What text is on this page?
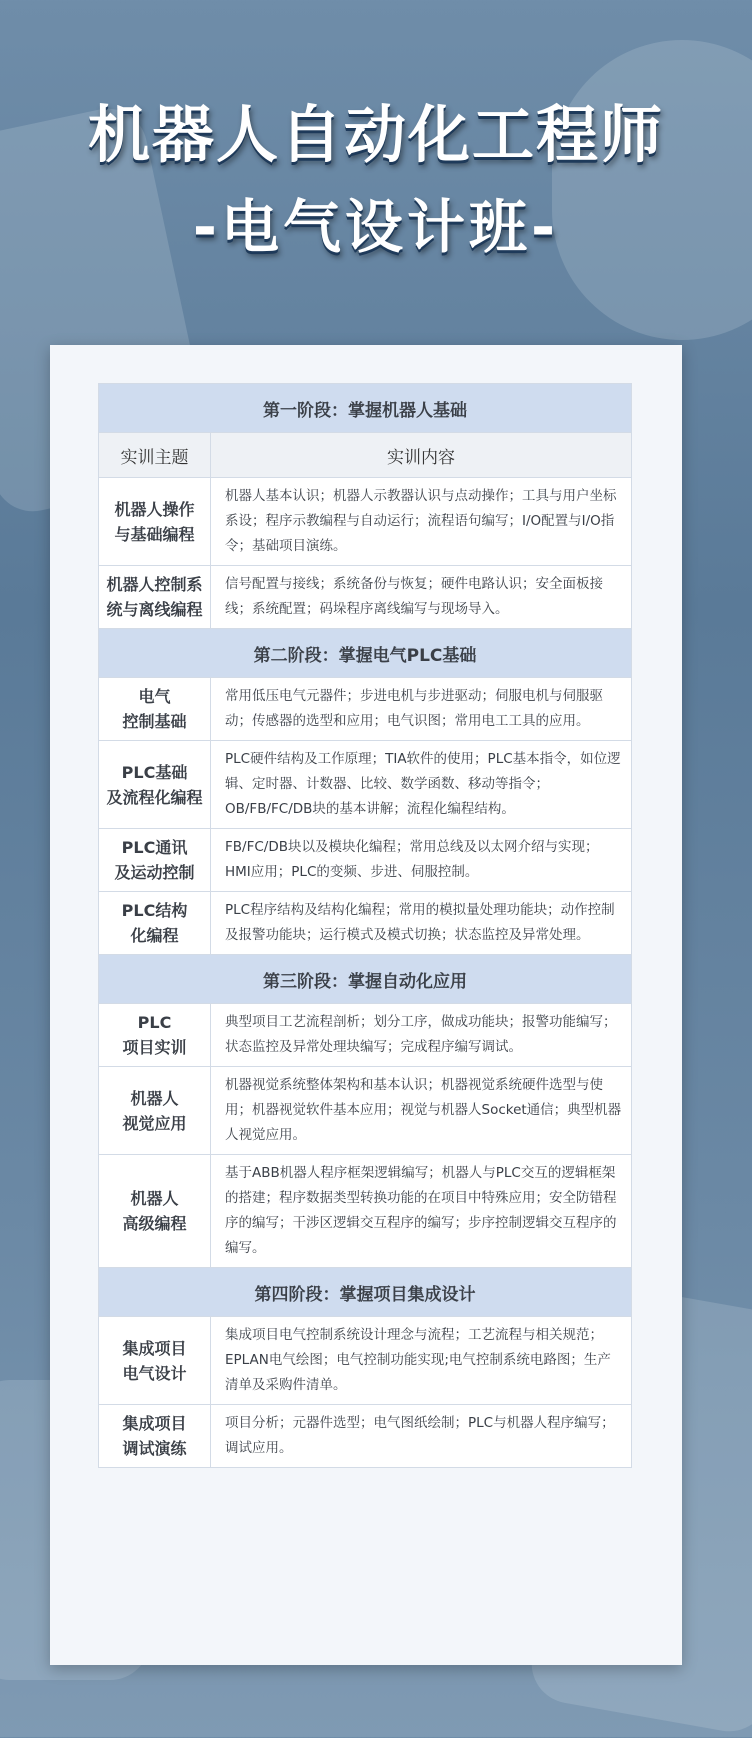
机器人自动化工程师
-电气设计班-
第一阶段：掌握机器人基础	
实训主题	实训内容

机器人操作
与基础编程	机器人基本认识；机器人示教器认识与点动操作；工具与用户坐标系设；程序示教编程与自动运行；流程语句编写；I/O配置与I/O指令；基础项目演练。

机器人控制系
统与离线编程	信号配置与接线；系统备份与恢复；硬件电路认识；安全面板接线；系统配置；码垛程序离线编写与现场导入。
第二阶段：掌握电气PLC基础	

电气
控制基础	常用低压电气元器件；步进电机与步进驱动；伺服电机与伺服驱动；传感器的选型和应用；电气识图；常用电工工具的应用。

PLC基础
及流程化编程	PLC硬件结构及工作原理；TIA软件的使用；PLC基本指令，如位逻辑、定时器、计数器、比较、数学函数、移动等指令；OB/FB/FC/DB块的基本讲解；流程化编程结构。

PLC通讯
及运动控制	FB/FC/DB块以及模块化编程；常用总线及以太网介绍与实现；HMI应用；PLC的变频、步进、伺服控制。

PLC结构
化编程	PLC程序结构及结构化编程；常用的模拟量处理功能块；动作控制及报警功能块；运行模式及模式切换；状态监控及异常处理。
第三阶段：掌握自动化应用	

PLC
项目实训	典型项目工艺流程剖析；划分工序，做成功能块；报警功能编写；状态监控及异常处理块编写；完成程序编写调试。

机器人
视觉应用	机器视觉系统整体架构和基本认识；机器视觉系统硬件选型与使用；机器视觉软件基本应用；视觉与机器人Socket通信；典型机器人视觉应用。

机器人
高级编程	基于ABB机器人程序框架逻辑编写；机器人与PLC交互的逻辑框架的搭建；程序数据类型转换功能的在项目中特殊应用；安全防错程序的编写；干涉区逻辑交互程序的编写；步序控制逻辑交互程序的编写。
第四阶段：掌握项目集成设计	

集成项目
电气设计	集成项目电气控制系统设计理念与流程；工艺流程与相关规范；EPLAN电气绘图；电气控制功能实现;电气控制系统电路图；生产清单及采购件清单。

集成项目
调试演练	项目分析；元器件选型；电气图纸绘制；PLC与机器人程序编写；调试应用。
